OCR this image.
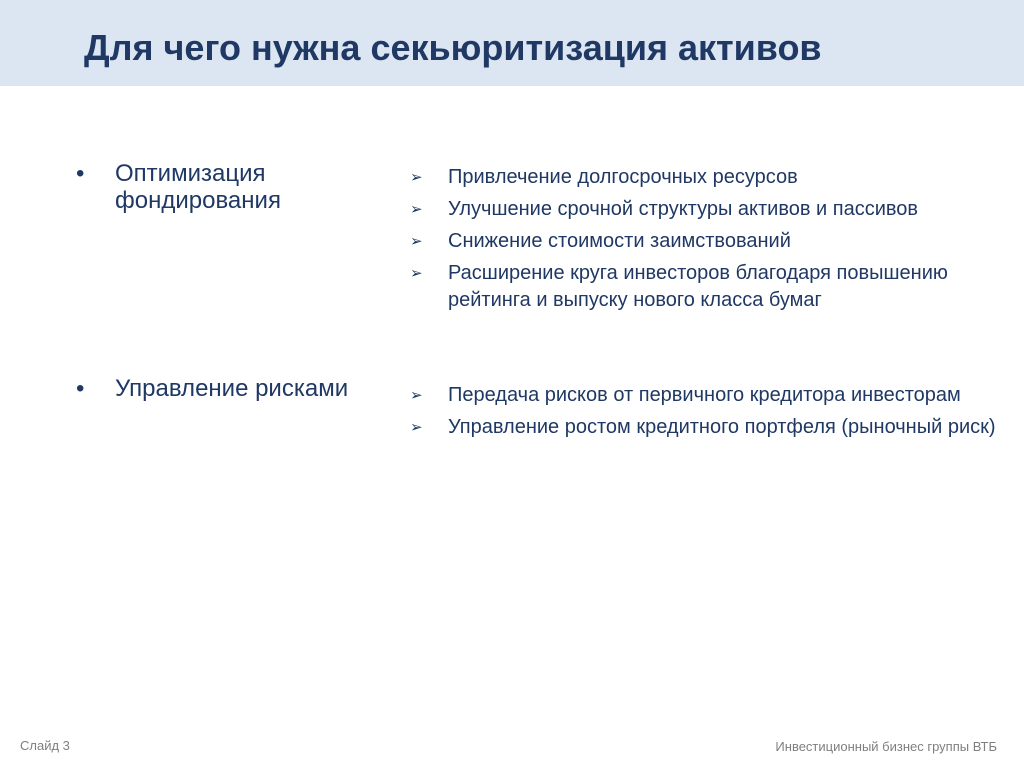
Для чего нужна секьюритизация активов
• Оптимизация фондирования
➢	Привлечение долгосрочных ресурсов
➢	Улучшение срочной структуры активов и пассивов
➢	Снижение стоимости заимствований
➢	Расширение круга инвесторов благодаря повышению рейтинга и выпуску нового класса бумаг
• Управление рисками	➢	Передача рисков от первичного кредитора инвесторам
➢	Управление ростом кредитного портфеля (рыночный риск)
Слайд 3	Инвестиционный бизнес группы ВТБ
